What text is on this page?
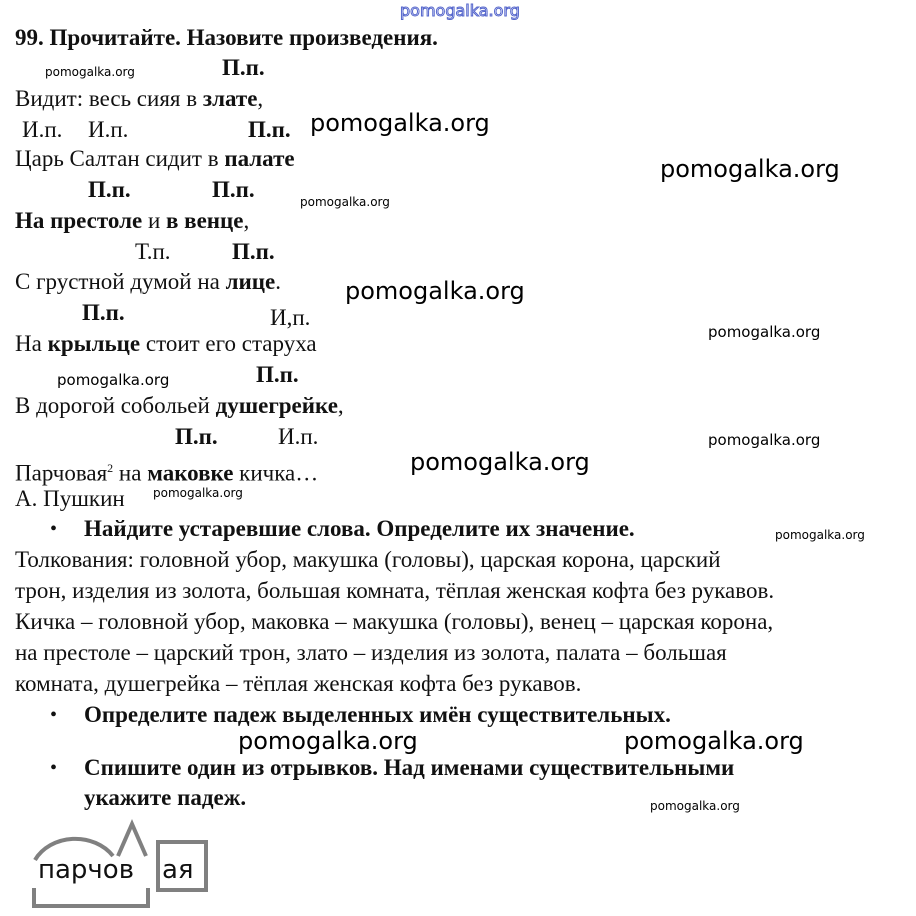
pomogalka.org
99. Прочитайте. Назовите произведения.
П.п.
pomogalka.org
Видит: весь сияя в злате,
И.п. И.п.	П.п. pomogalka.org
pomogalka.org
Царь Салтан сидит в палате
П.п.	П.п.	pomogalka.org
На престоле и в венце,
Т.п.	П.п.
С грустной думой на лице.	pomogalka.org
П.п.	И,п.
pomogalka.org
На крыльце стоит его старуха
П.п.
pomogalka.org
В дорогой собольей душегрейке,
П.п.	И.п.	pomogalka.org
pomogalka.org
Парчовая$^2$ на маковке кичка…
А. Пушкин pomogalka.org
• Найдите устаревшие слова. Определите их значение.	pomogalka.org
Толкования: головной убор, макушка (головы), царская корона, царский
трон, изделия из золота, большая комната, тёплая женская кофта без рукавов.
Кичка – головной убор, маковка – макушка (головы), венец – царская корона,
на престоле – царский трон, злато – изделия из золота, палата – большая
комната, душегрейка – тёплая женская кофта без рукавов.
• Определите падеж выделенных имён существительных.
pomogalka.org	pomogalka.org
• Спишите один из отрывков. Над именами существительными
укажите падеж.	pomogalka.org
парчов ая
